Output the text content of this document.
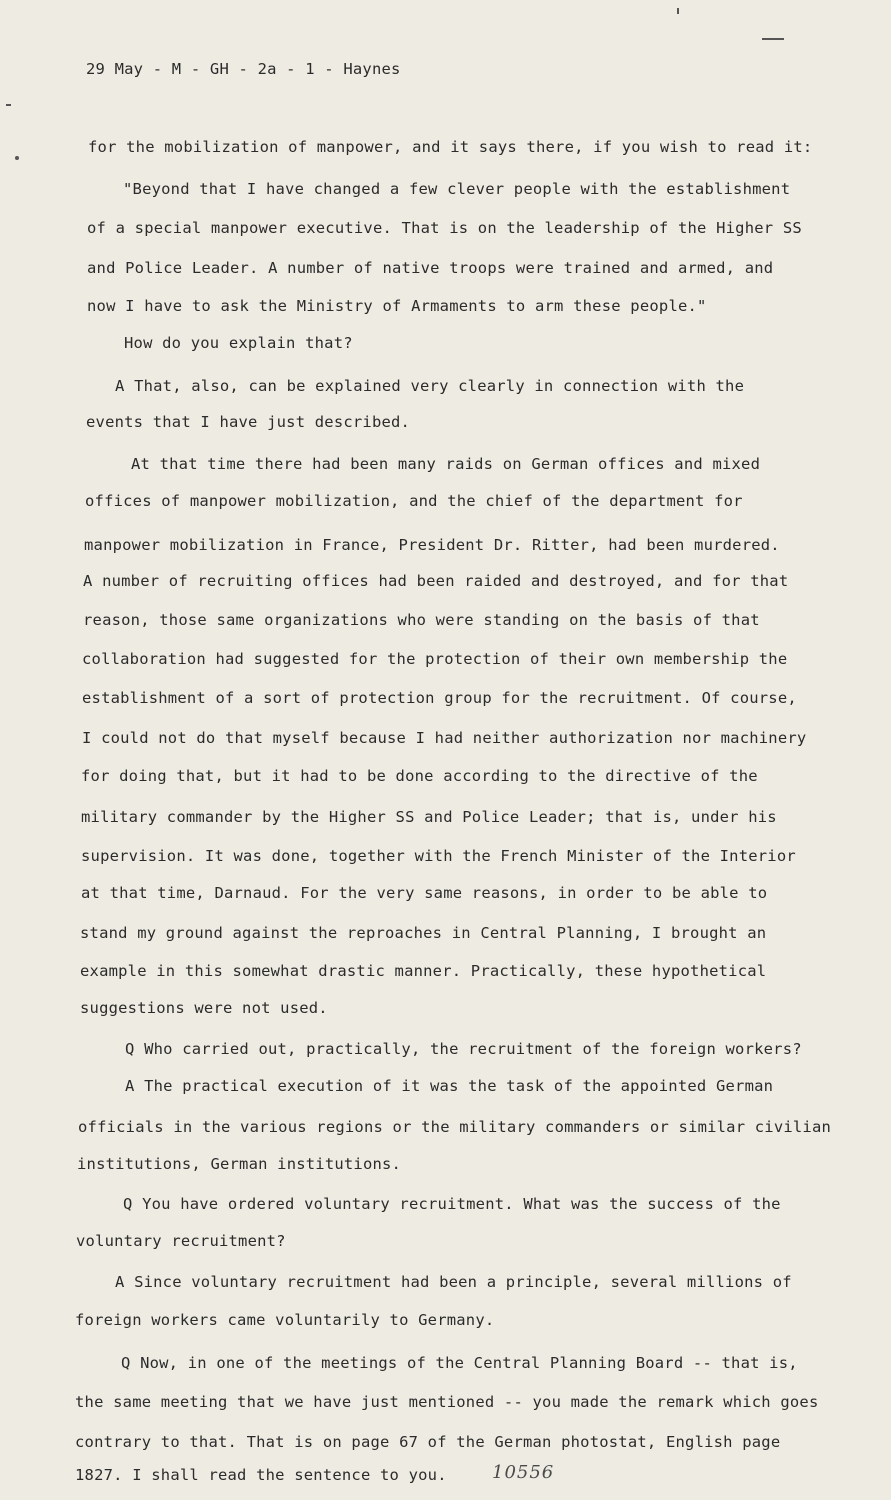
29 May - M - GH - 2a - 1 - Haynes
for the mobilization of manpower, and it says there, if you wish to read it:
"Beyond that I have changed a few clever people with the establishment
of a special manpower executive. That is on the leadership of the Higher SS
and Police Leader. A number of native troops were trained and armed, and
now I have to ask the Ministry of Armaments to arm these people."
How do you explain that?
A That, also, can be explained very clearly in connection with the
events that I have just described.
At that time there had been many raids on German offices and mixed
offices of manpower mobilization, and the chief of the department for
manpower mobilization in France, President Dr. Ritter, had been murdered.
A number of recruiting offices had been raided and destroyed, and for that
reason, those same organizations who were standing on the basis of that
collaboration had suggested for the protection of their own membership the
establishment of a sort of protection group for the recruitment. Of course,
I could not do that myself because I had neither authorization nor machinery
for doing that, but it had to be done according to the directive of the
military commander by the Higher SS and Police Leader; that is, under his
supervision. It was done, together with the French Minister of the Interior
at that time, Darnaud. For the very same reasons, in order to be able to
stand my ground against the reproaches in Central Planning, I brought an
example in this somewhat drastic manner. Practically, these hypothetical
suggestions were not used.
Q Who carried out, practically, the recruitment of the foreign workers?
A The practical execution of it was the task of the appointed German
officials in the various regions or the military commanders or similar civilian
institutions, German institutions.
Q You have ordered voluntary recruitment. What was the success of the
voluntary recruitment?
A Since voluntary recruitment had been a principle, several millions of
foreign workers came voluntarily to Germany.
Q Now, in one of the meetings of the Central Planning Board -- that is,
the same meeting that we have just mentioned -- you made the remark which goes
contrary to that. That is on page 67 of the German photostat, English page
1827. I shall read the sentence to you.	10556
